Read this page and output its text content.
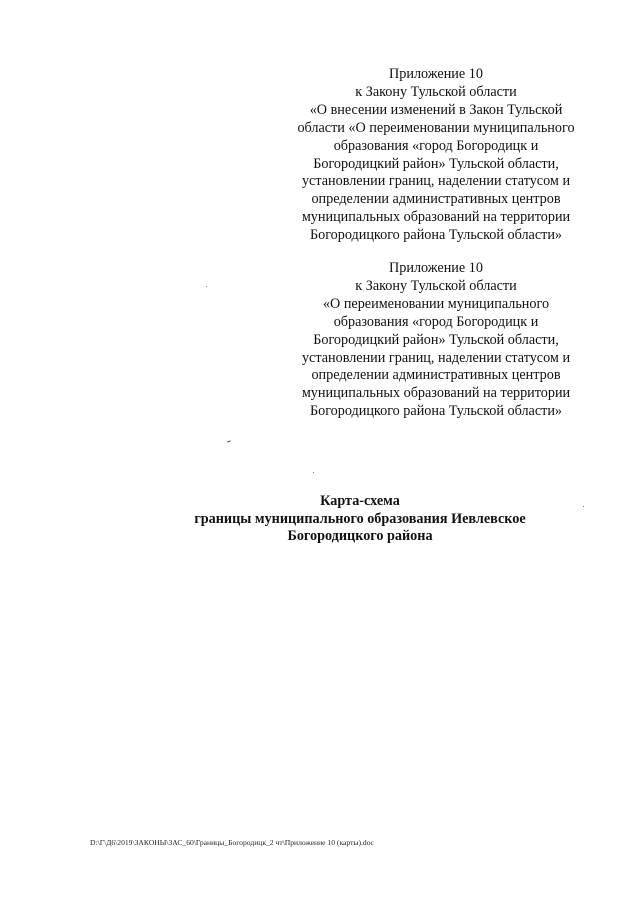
Приложение 10
к Закону Тульской области
«О внесении изменений в Закон Тульской
области «О переименовании муниципального
образования «город Богородицк и
Богородицкий район» Тульской области,
установлении границ, наделении статусом и
определении административных центров
муниципальных образований на территории
Богородицкого района Тульской области»
Приложение 10
к Закону Тульской области
«О переименовании муниципального
образования «город Богородицк и
Богородицкий район» Тульской области,
установлении границ, наделении статусом и
определении административных центров
муниципальных образований на территории
Богородицкого района Тульской области»
Карта-схема
границы муниципального образования Иевлевское
Богородицкого района
D:\Г\Д6\2019\ЗАКОНЫ\ЗАС_60\Границы_Богородицк_2 чт\Приложение 10 (карты).doc
